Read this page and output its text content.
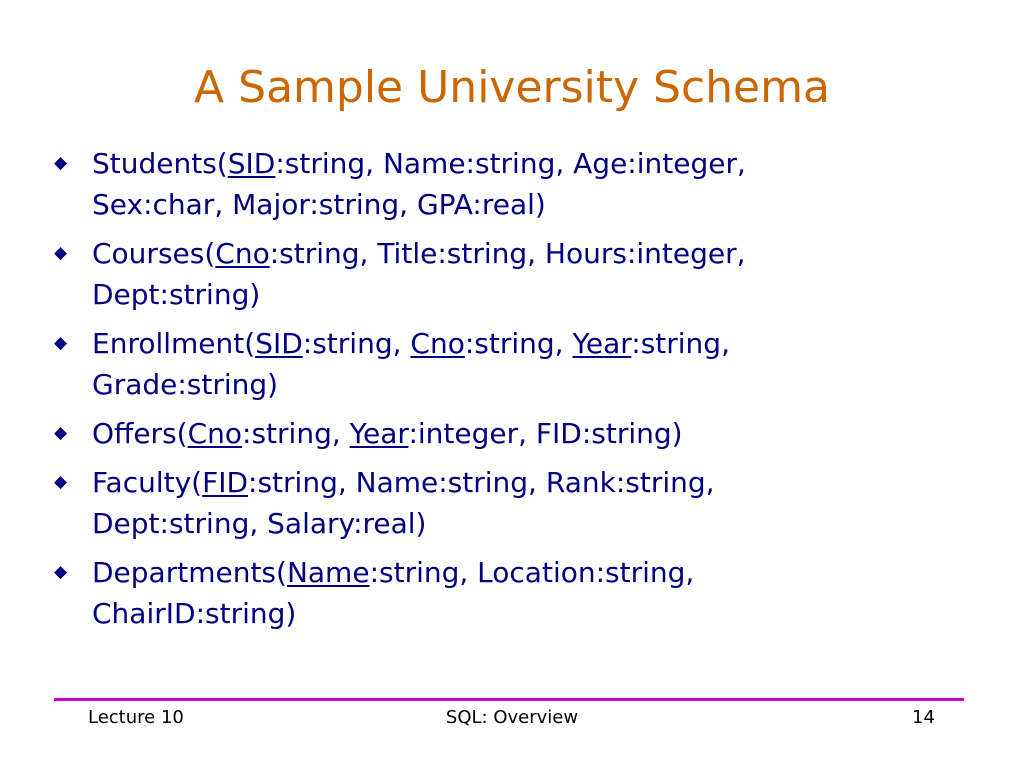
A Sample University Schema
◆ Students(SID:string, Name:string, Age:integer,
Sex:char, Major:string, GPA:real)
◆ Courses(Cno:string, Title:string, Hours:integer,
Dept:string)
◆ Enrollment(SID:string, Cno:string, Year:string,
Grade:string)
◆ Offers(Cno:string, Year:integer, FID:string)
◆ Faculty(FID:string, Name:string, Rank:string,
Dept:string, Salary:real)
◆ Departments(Name:string, Location:string,
ChairID:string)
Lecture 10	SQL: Overview	14
